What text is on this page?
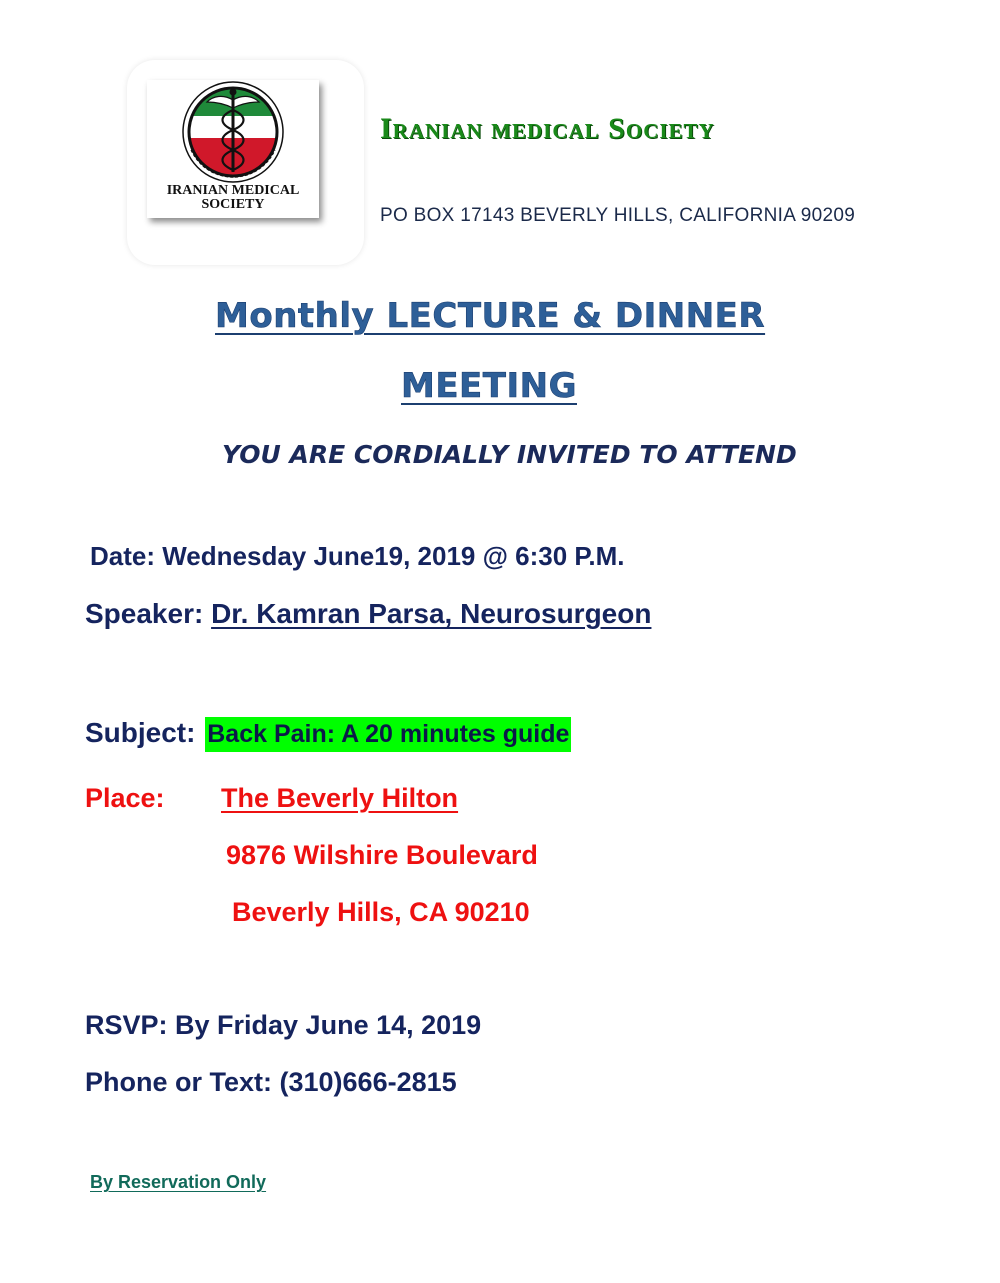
IRANIAN MEDICAL
SOCIETY
Iranian medical Society
PO BOX 17143 BEVERLY HILLS, CALIFORNIA 90209
Monthly LECTURE & DINNER
MEETING
YOU ARE CORDIALLY INVITED TO ATTEND
Date: Wednesday June19, 2019 @ 6:30 P.M.
Speaker: Dr. Kamran Parsa, Neurosurgeon
Subject: Back Pain: A 20 minutes guide
Place: The Beverly Hilton
9876 Wilshire Boulevard
Beverly Hills, CA 90210
RSVP: By Friday June 14, 2019
Phone or Text: (310)666-2815
By Reservation Only
